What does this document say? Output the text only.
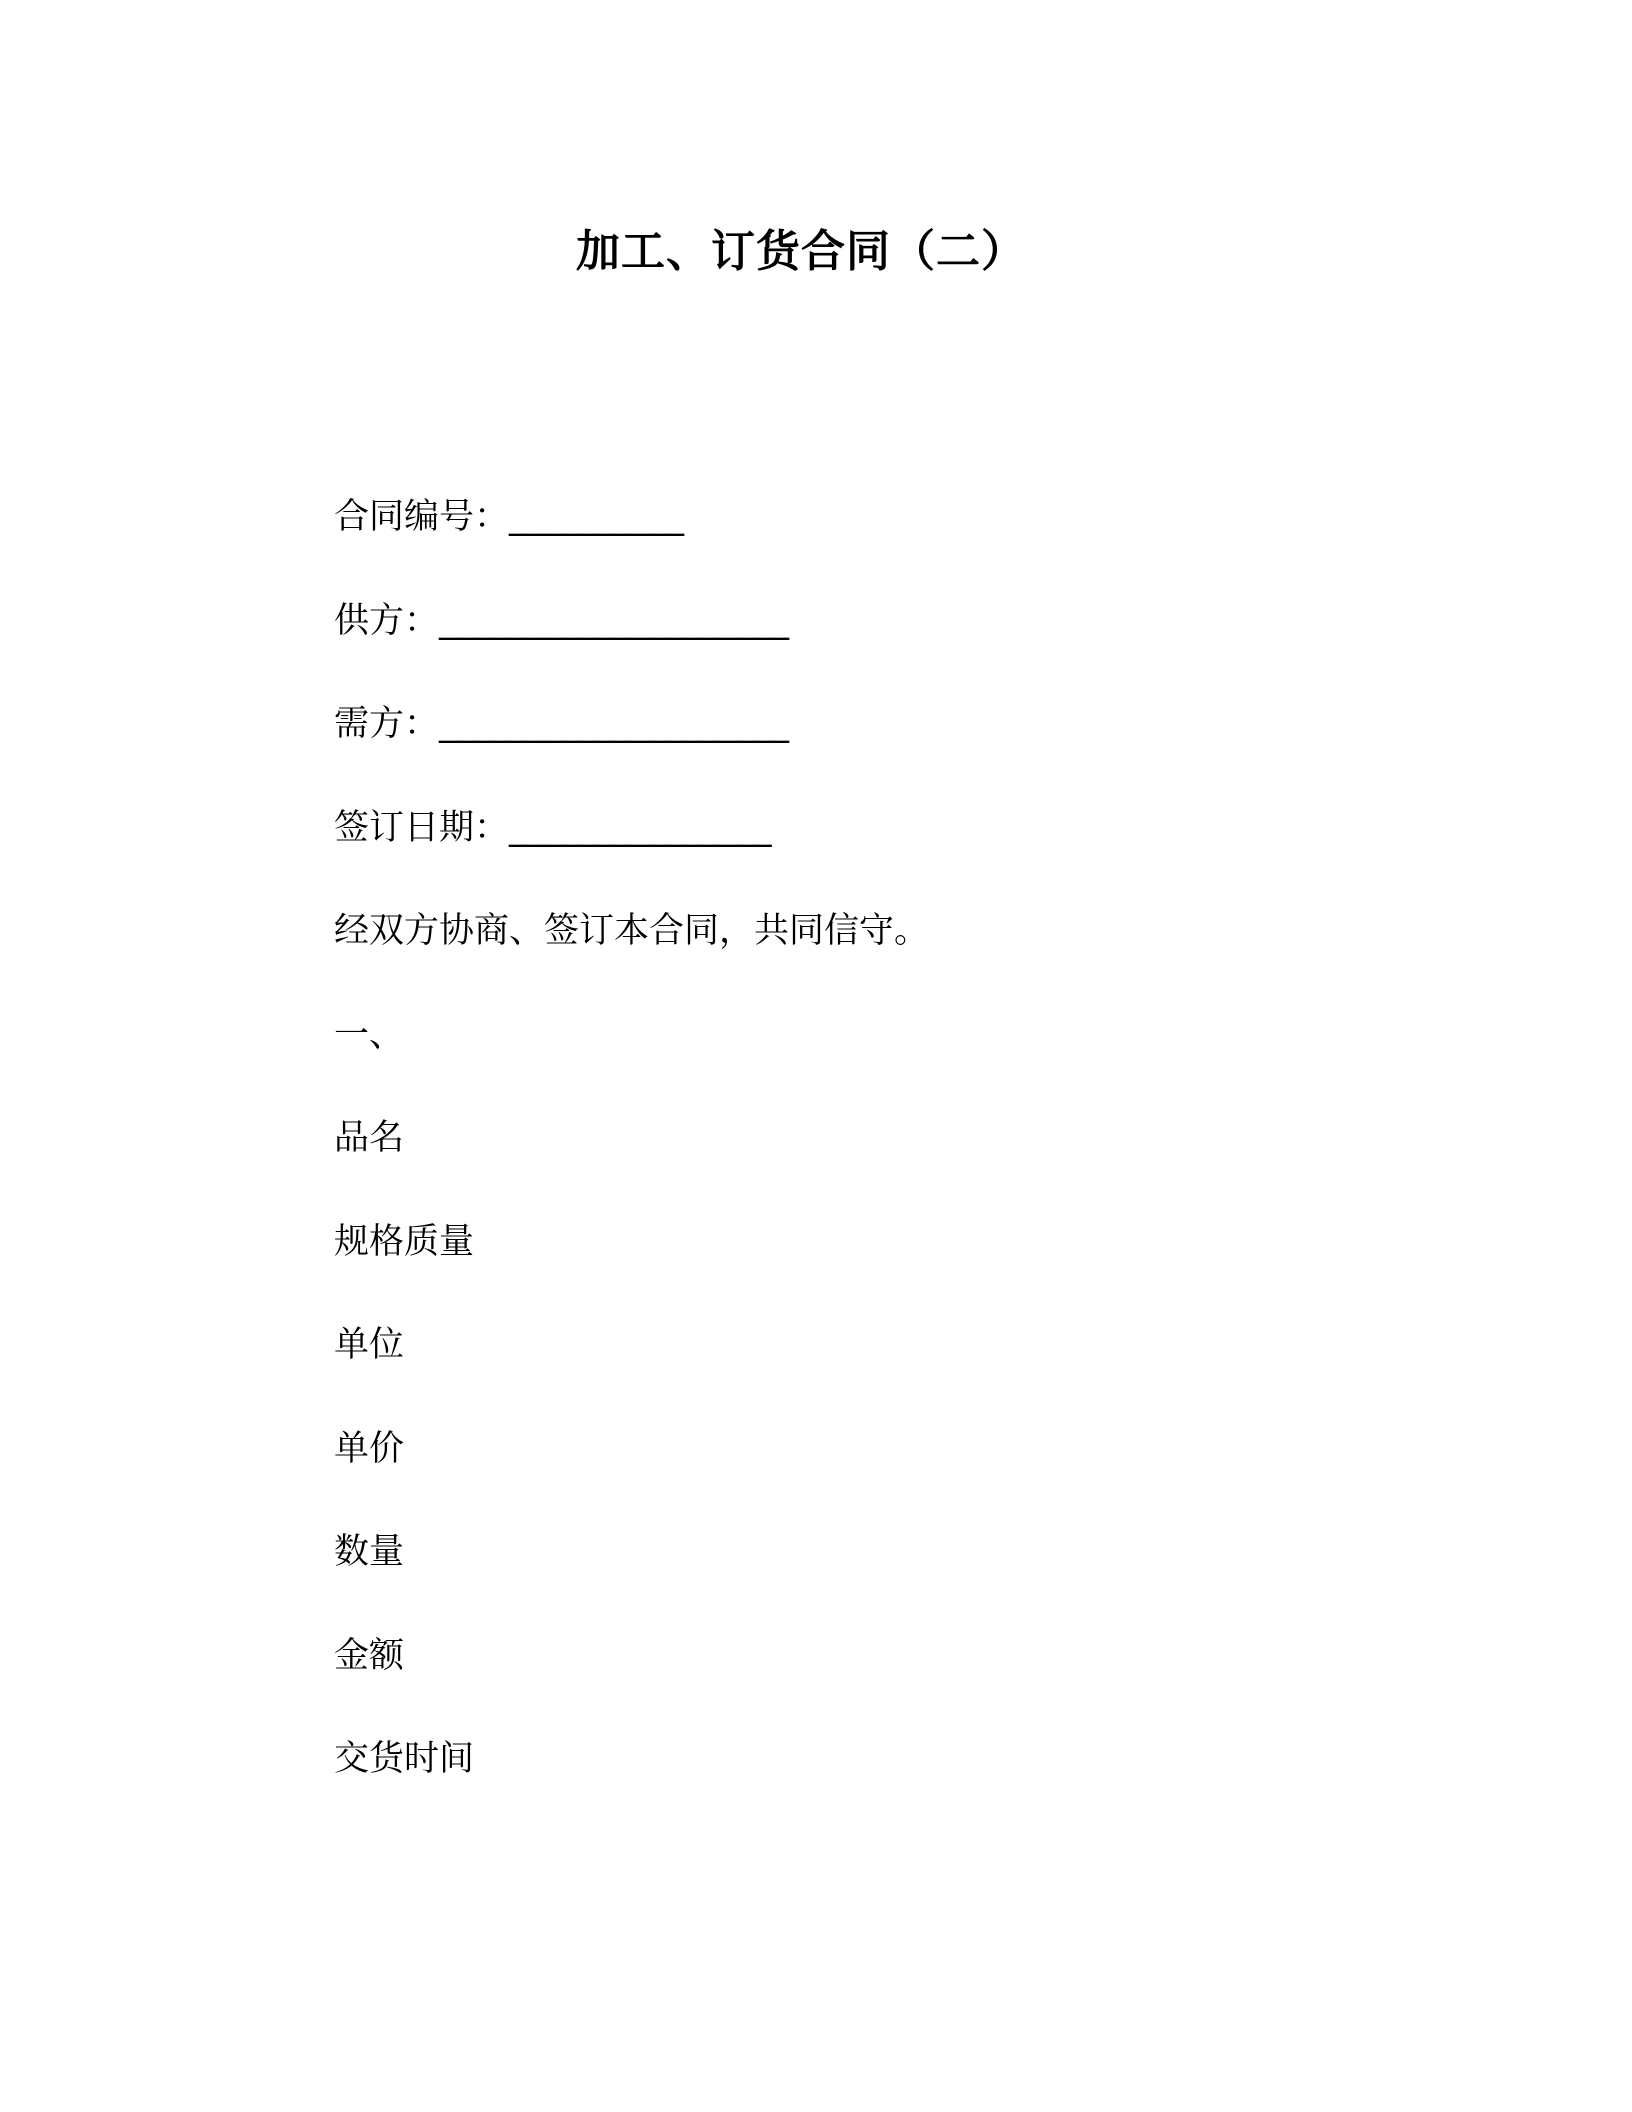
加工、订货合同（二）
合同编号：__________
供方：____________________
需方：____________________
签订日期：_______________
经双方协商、签订本合同，共同信守。
一、
品名
规格质量
单位
单价
数量
金额
交货时间
